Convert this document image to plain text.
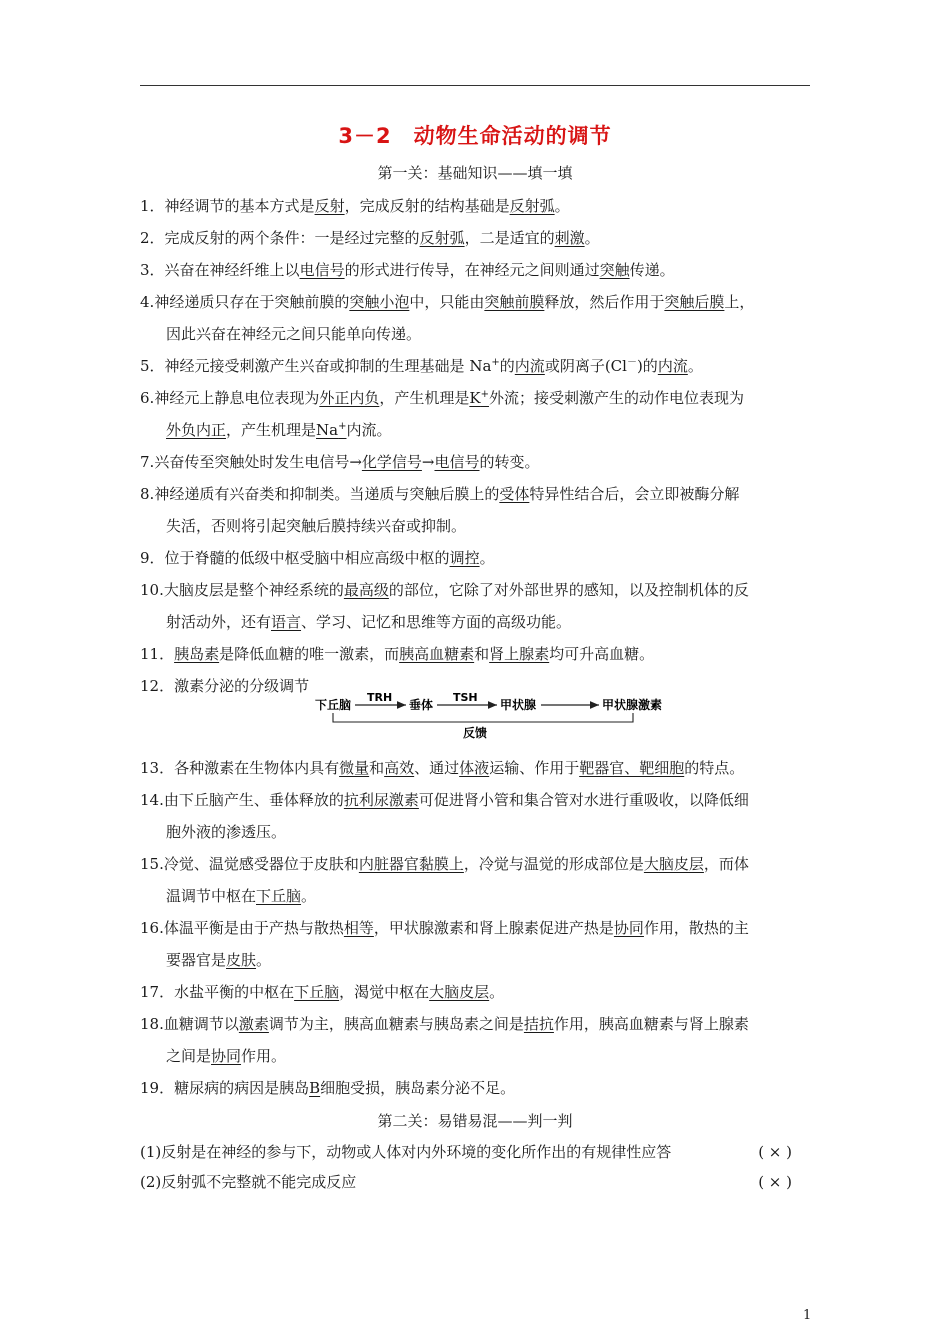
3－2　动物生命活动的调节
第一关：基础知识——填一填
1．神经调节的基本方式是反射，完成反射的结构基础是反射弧。
2．完成反射的两个条件：一是经过完整的反射弧，二是适宜的刺激。
3．兴奋在神经纤维上以电信号的形式进行传导，在神经元之间则通过突触传递。
4.神经递质只存在于突触前膜的突触小泡中，只能由突触前膜释放，然后作用于突触后膜上，
因此兴奋在神经元之间只能单向传递。
5．神经元接受刺激产生兴奋或抑制的生理基础是 Na+的内流或阴离子(Cl－)的内流。
6.神经元上静息电位表现为外正内负，产生机理是K+外流；接受刺激产生的动作电位表现为
外负内正，产生机理是Na+内流。
7.兴奋传至突触处时发生电信号→化学信号→电信号的转变。
8.神经递质有兴奋类和抑制类。当递质与突触后膜上的受体特异性结合后，会立即被酶分解
失活，否则将引起突触后膜持续兴奋或抑制。
9．位于脊髓的低级中枢受脑中相应高级中枢的调控。
10.大脑皮层是整个神经系统的最高级的部位，它除了对外部世界的感知，以及控制机体的反
射活动外，还有语言、学习、记忆和思维等方面的高级功能。
11．胰岛素是降低血糖的唯一激素，而胰高血糖素和肾上腺素均可升高血糖。
12．激素分泌的分级调节
13．各种激素在生物体内具有微量和高效、通过体液运输、作用于靶器官、靶细胞的特点。
14.由下丘脑产生、垂体释放的抗利尿激素可促进肾小管和集合管对水进行重吸收，以降低细
胞外液的渗透压。
15.冷觉、温觉感受器位于皮肤和内脏器官黏膜上，冷觉与温觉的形成部位是大脑皮层，而体
温调节中枢在下丘脑。
16.体温平衡是由于产热与散热相等，甲状腺激素和肾上腺素促进产热是协同作用，散热的主
要器官是皮肤。
17．水盐平衡的中枢在下丘脑，渴觉中枢在大脑皮层。
18.血糖调节以激素调节为主，胰高血糖素与胰岛素之间是拮抗作用，胰高血糖素与肾上腺素
之间是协同作用。
19．糖尿病的病因是胰岛B细胞受损，胰岛素分泌不足。
下丘脑
TRH
垂体
TSH
甲状腺	甲状腺激素
反馈
第二关：易错易混——判一判
(1)反射是在神经的参与下，动物或人体对内外环境的变化所作出的有规律性应答	( × )
(2)反射弧不完整就不能完成反应	( × )
1
